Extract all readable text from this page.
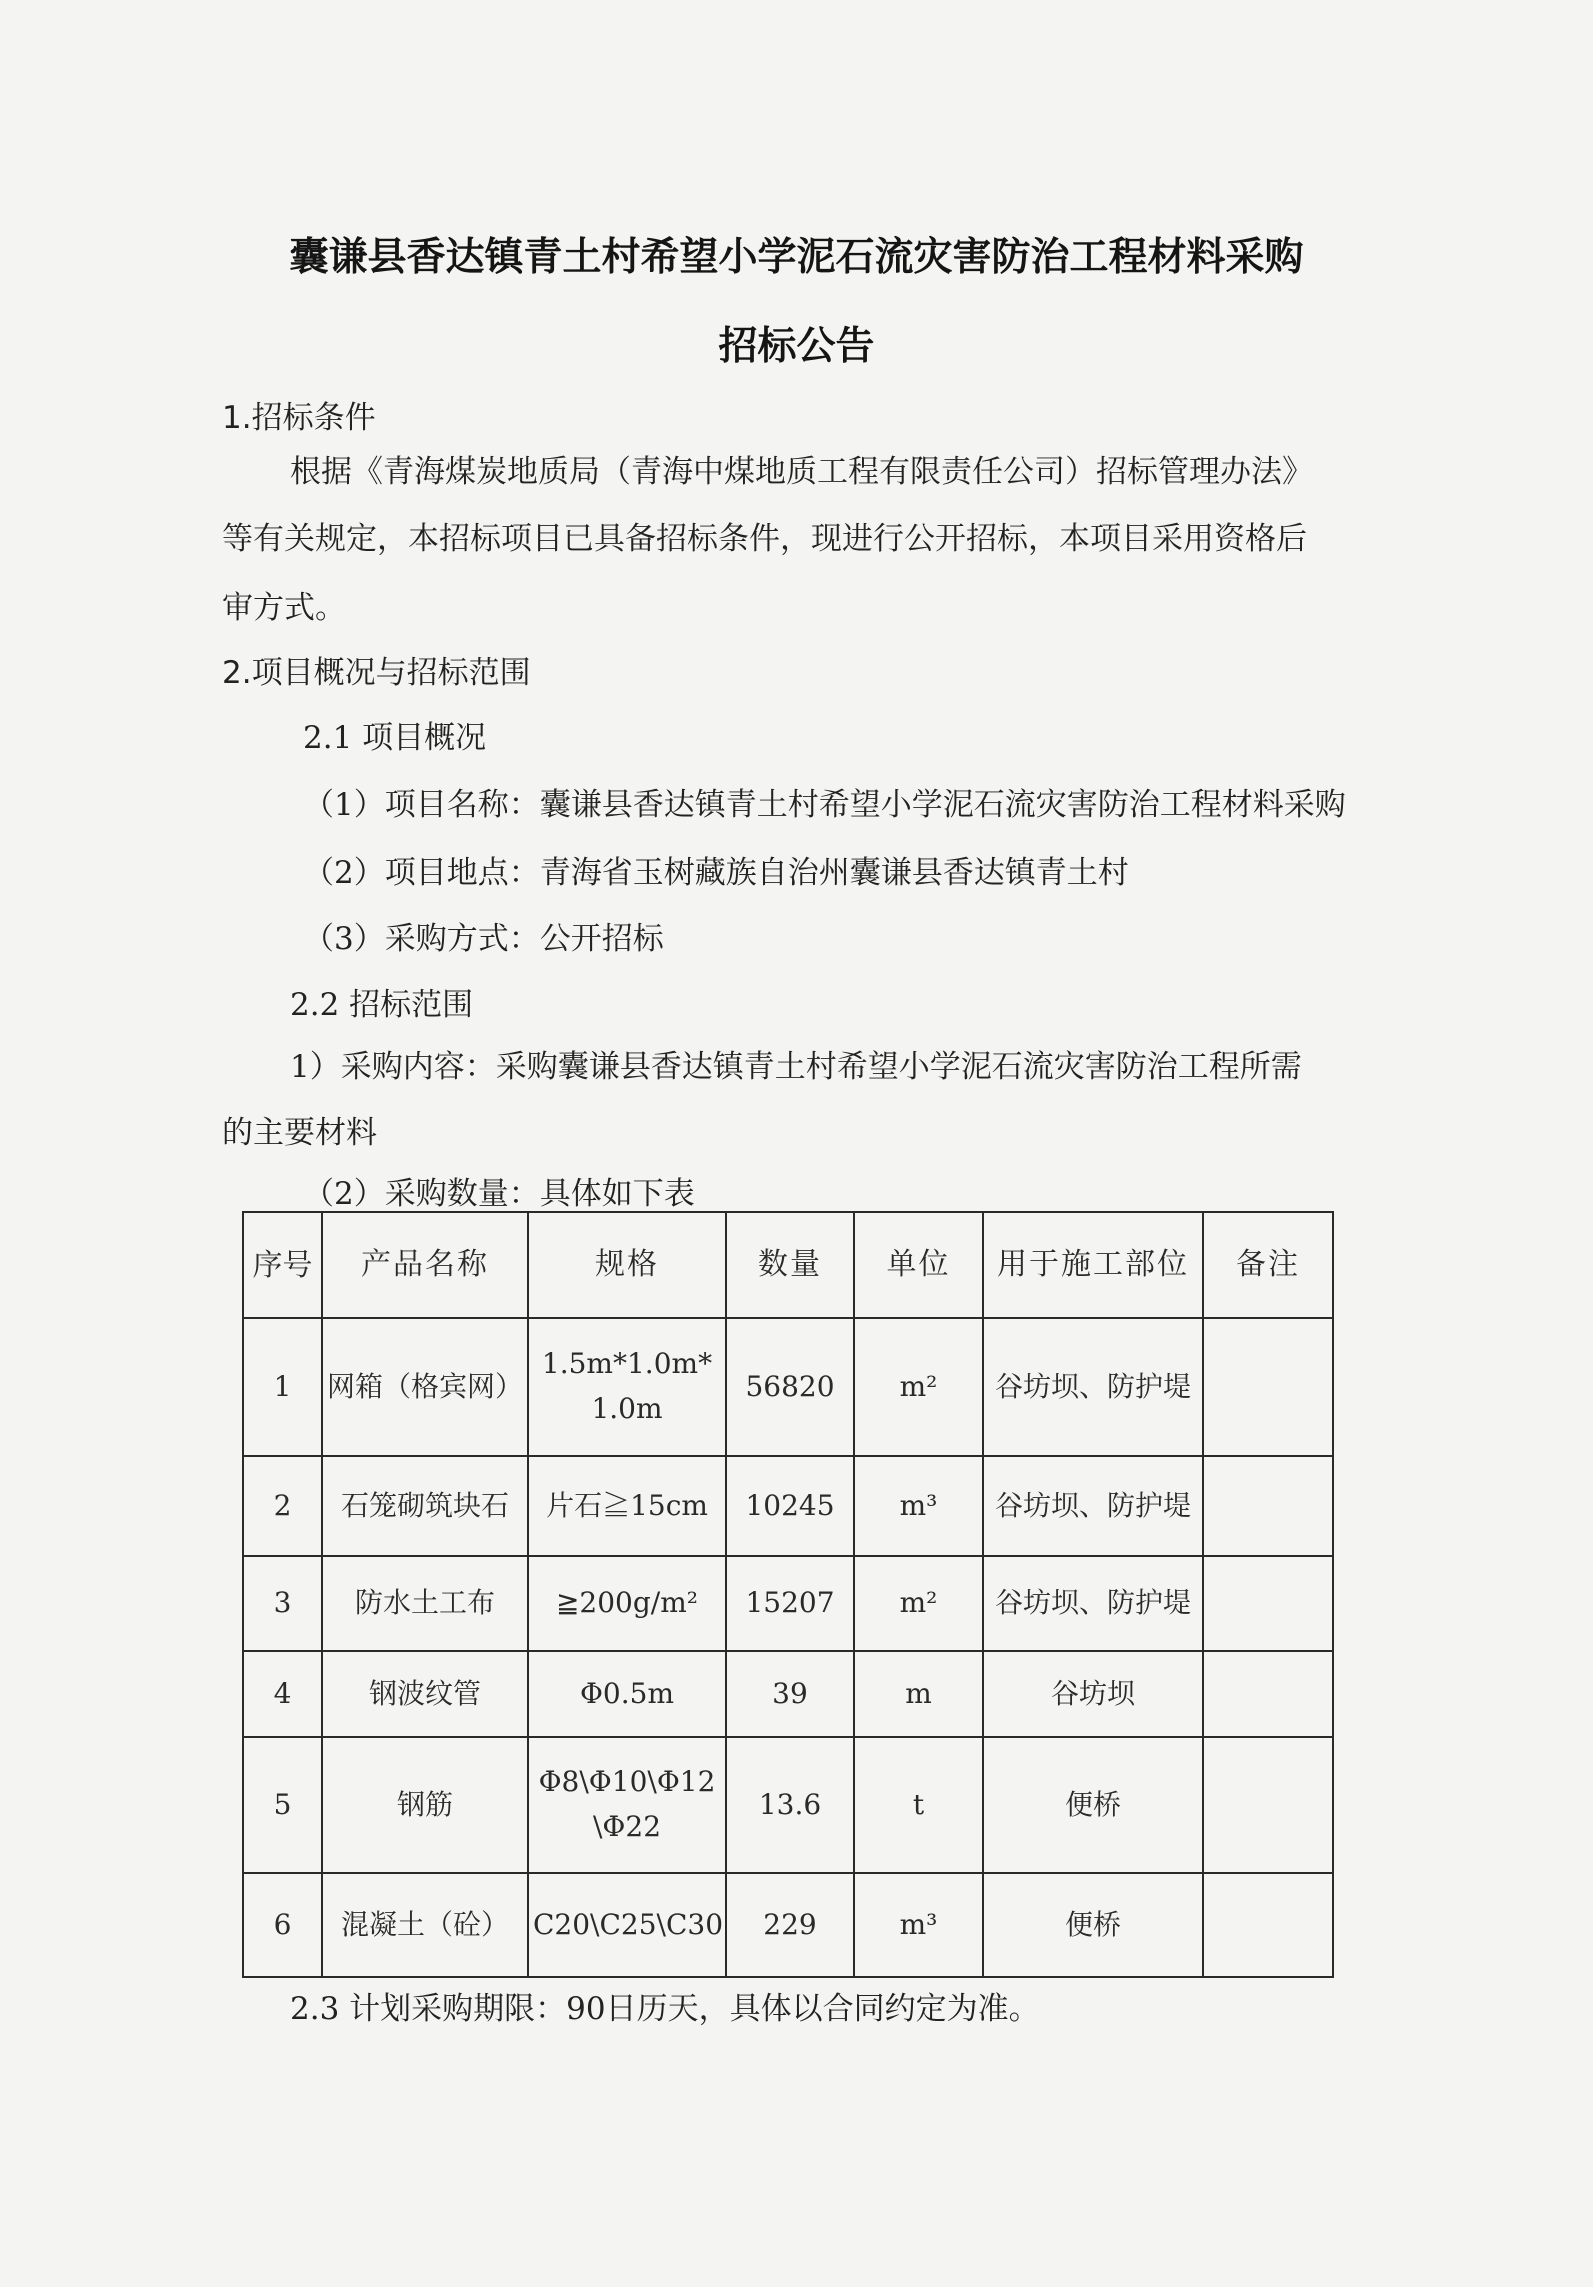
囊谦县香达镇青土村希望小学泥石流灾害防治工程材料采购
招标公告
1.招标条件
根据《青海煤炭地质局（青海中煤地质工程有限责任公司）招标管理办法》
等有关规定，本招标项目已具备招标条件，现进行公开招标，本项目采用资格后
审方式。
2.项目概况与招标范围
2.1 项目概况
（1）项目名称：囊谦县香达镇青土村希望小学泥石流灾害防治工程材料采购
（2）项目地点：青海省玉树藏族自治州囊谦县香达镇青土村
（3）采购方式：公开招标
2.2 招标范围
1）采购内容：采购囊谦县香达镇青土村希望小学泥石流灾害防治工程所需
的主要材料
（2）采购数量：具体如下表
序号	产品名称	规格	数量	单位	用于施工部位	备注
1	网箱（格宾网）	1.5m*1.0m*1.0m	56820	m²	谷坊坝、防护堤	
2	石笼砌筑块石	片石≧15cm	10245	m³	谷坊坝、防护堤	
3	防水土工布	≧200g/m²	15207	m²	谷坊坝、防护堤	
4	钢波纹管	Φ0.5m	39	m	谷坊坝	
5	钢筋	Φ8\Φ10\Φ12\Φ22	13.6	t	便桥	
6	混凝土（砼）	C20\C25\C30	229	m³	便桥	
2.3 计划采购期限：90日历天，具体以合同约定为准。
